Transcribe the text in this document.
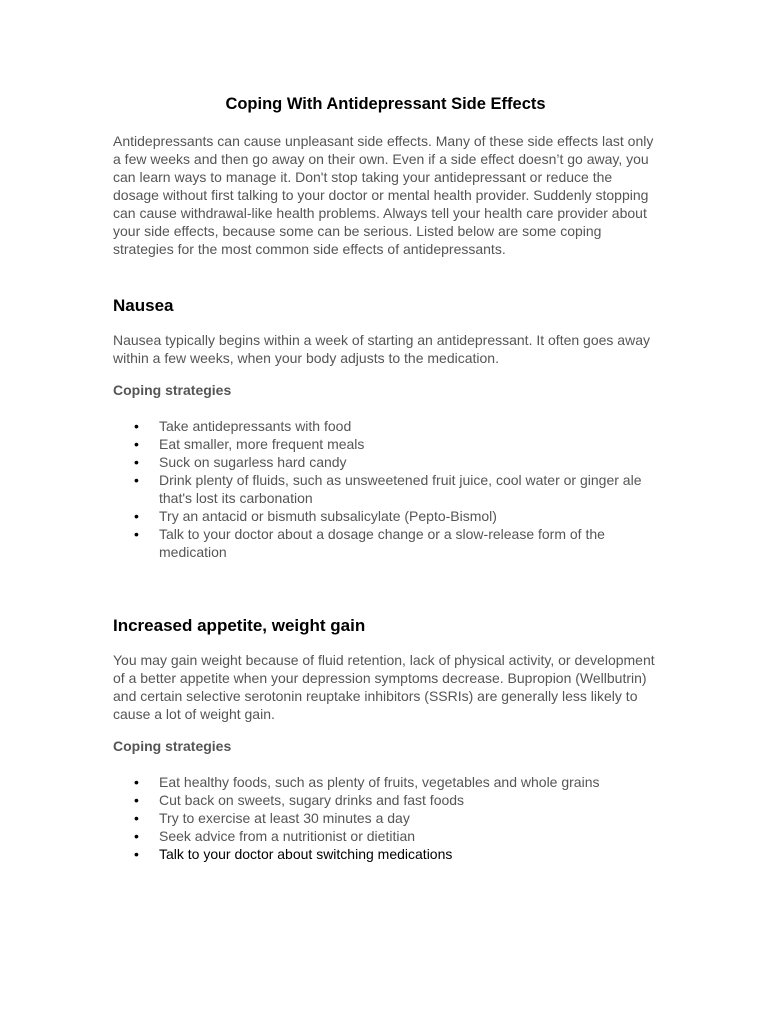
Coping With Antidepressant Side Effects

Antidepressants can cause unpleasant side effects. Many of these side effects last only a few weeks and then go away on their own. Even if a side effect doesn’t go away, you can learn ways to manage it. Don't stop taking your antidepressant or reduce the dosage without first talking to your doctor or mental health provider. Suddenly stopping can cause withdrawal-like health problems. Always tell your health care provider about your side effects, because some can be serious. Listed below are some coping strategies for the most common side effects of antidepressants.

Nausea

Nausea typically begins within a week of starting an antidepressant. It often goes away within a few weeks, when your body adjusts to the medication.

Coping strategies
• Take antidepressants with food
• Eat smaller, more frequent meals
• Suck on sugarless hard candy
• Drink plenty of fluids, such as unsweetened fruit juice, cool water or ginger ale that's lost its carbonation
• Try an antacid or bismuth subsalicylate (Pepto-Bismol)
• Talk to your doctor about a dosage change or a slow-release form of the medication
Increased appetite, weight gain

You may gain weight because of fluid retention, lack of physical activity, or development of a better appetite when your depression symptoms decrease. Bupropion (Wellbutrin) and certain selective serotonin reuptake inhibitors (SSRIs) are generally less likely to cause a lot of weight gain.

Coping strategies
• Eat healthy foods, such as plenty of fruits, vegetables and whole grains
• Cut back on sweets, sugary drinks and fast foods
• Try to exercise at least 30 minutes a day
• Seek advice from a nutritionist or dietitian
• Talk to your doctor about switching medications
